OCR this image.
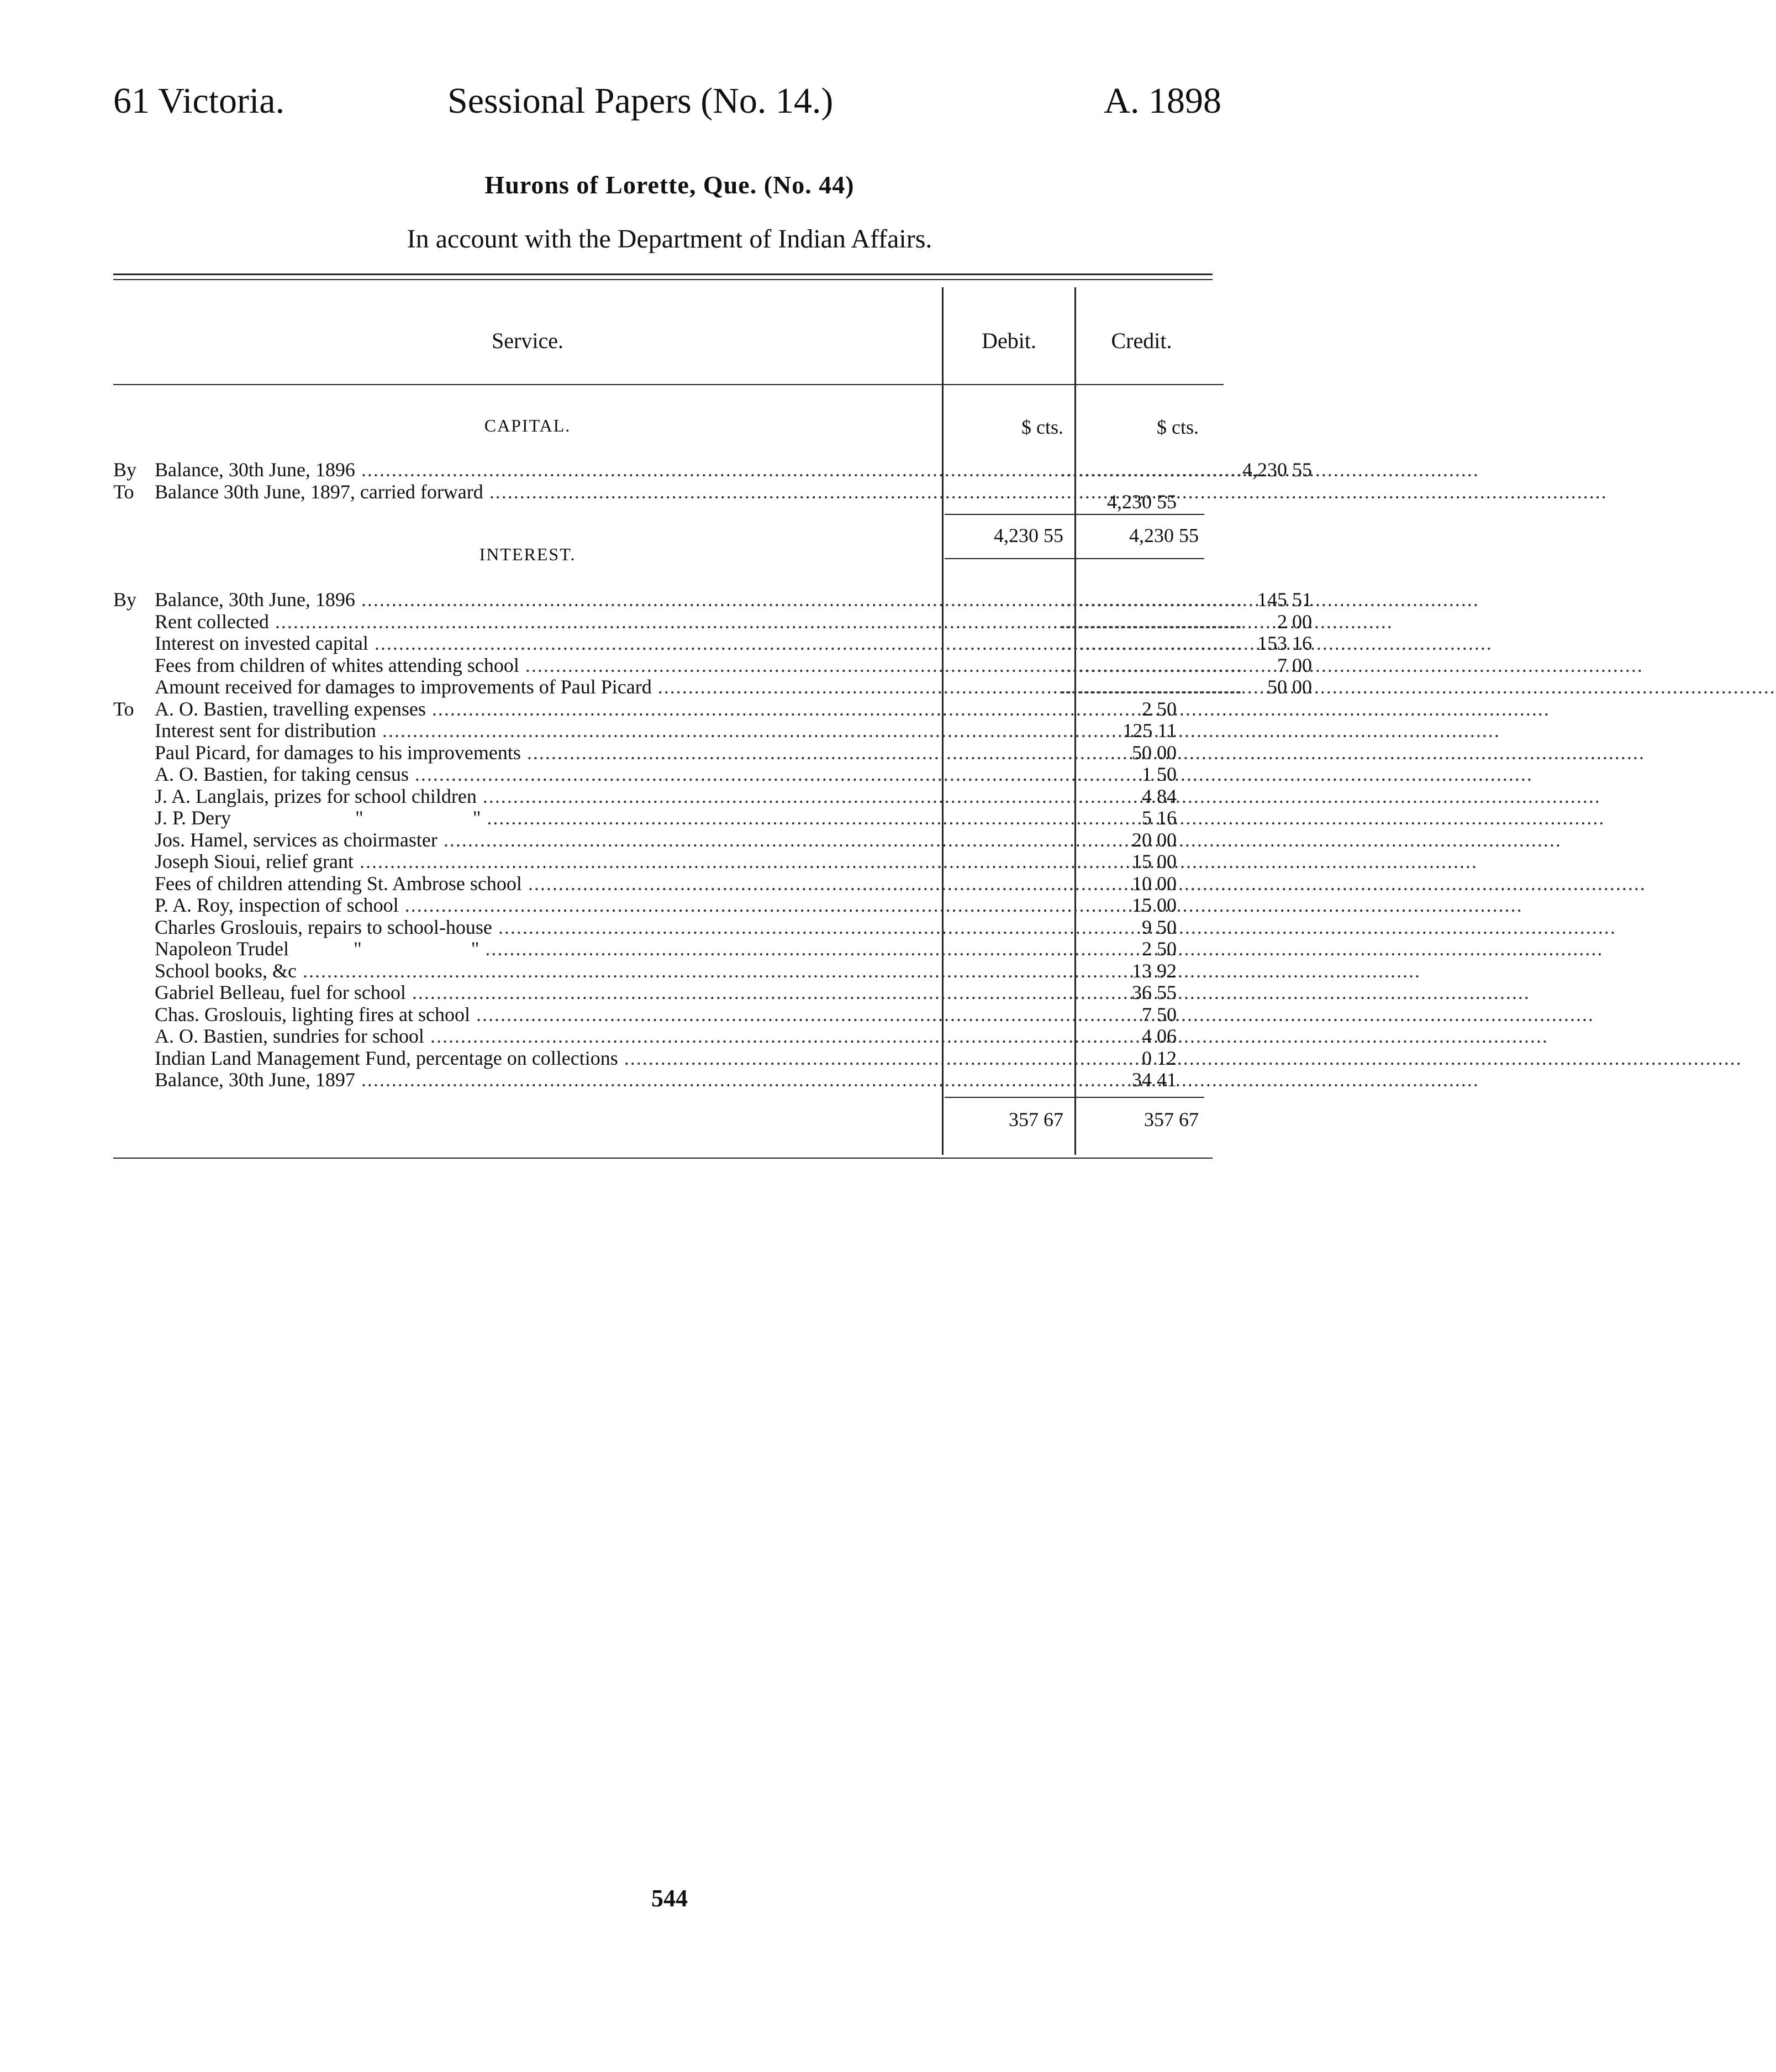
61 Victoria.	Sessional Papers (No. 14.)	A. 1898
Hurons of Lorette, Que. (No. 44)
In account with the Department of Indian Affairs.
Service.	Debit.	Credit.
CAPITAL.	$ cts.	$ cts.
By Balance, 30th June, 1896 .....	.............................. 4,230 55
To	Balance 30th June, 1897, carried forward .....	4,230 55
4,230 55	4,230 55
INTEREST.
By Balance, 30th June, 1896 .....	.............................. 145 51
Rent collected .....	..............................	2 00
Interest on invested capital .....	.............................. 153 16
Fees from children of whites attending school .....	..............................	7 00
Amount received for damages to improvements of Paul Picard .....	..............................	50 00
To	A. O. Bastien, travelling expenses .....	2 50
Interest sent for distribution .....	125 11
Paul Picard, for damages to his improvements .....	50 00
A. O. Bastien, for taking census .....	1 50
J. A. Langlais, prizes for school children .....	4 84
J. P. Dery                         "                      " .....	5 16
Jos. Hamel, services as choirmaster .....	20 00
Joseph Sioui, relief grant .....	15 00
Fees of children attending St. Ambrose school .....	10 00
P. A. Roy, inspection of school .....	15 00
Charles Groslouis, repairs to school-house .....	9 50
Napoleon Trudel             "                      " .....	2 50
School books, &c .....	13 92
Gabriel Belleau, fuel for school .....	36 55
Chas. Groslouis, lighting fires at school .....	7 50
A. O. Bastien, sundries for school .....	4 06
Indian Land Management Fund, percentage on collections .....	0 12
Balance, 30th June, 1897 .....	34 41
357 67	357 67
544
